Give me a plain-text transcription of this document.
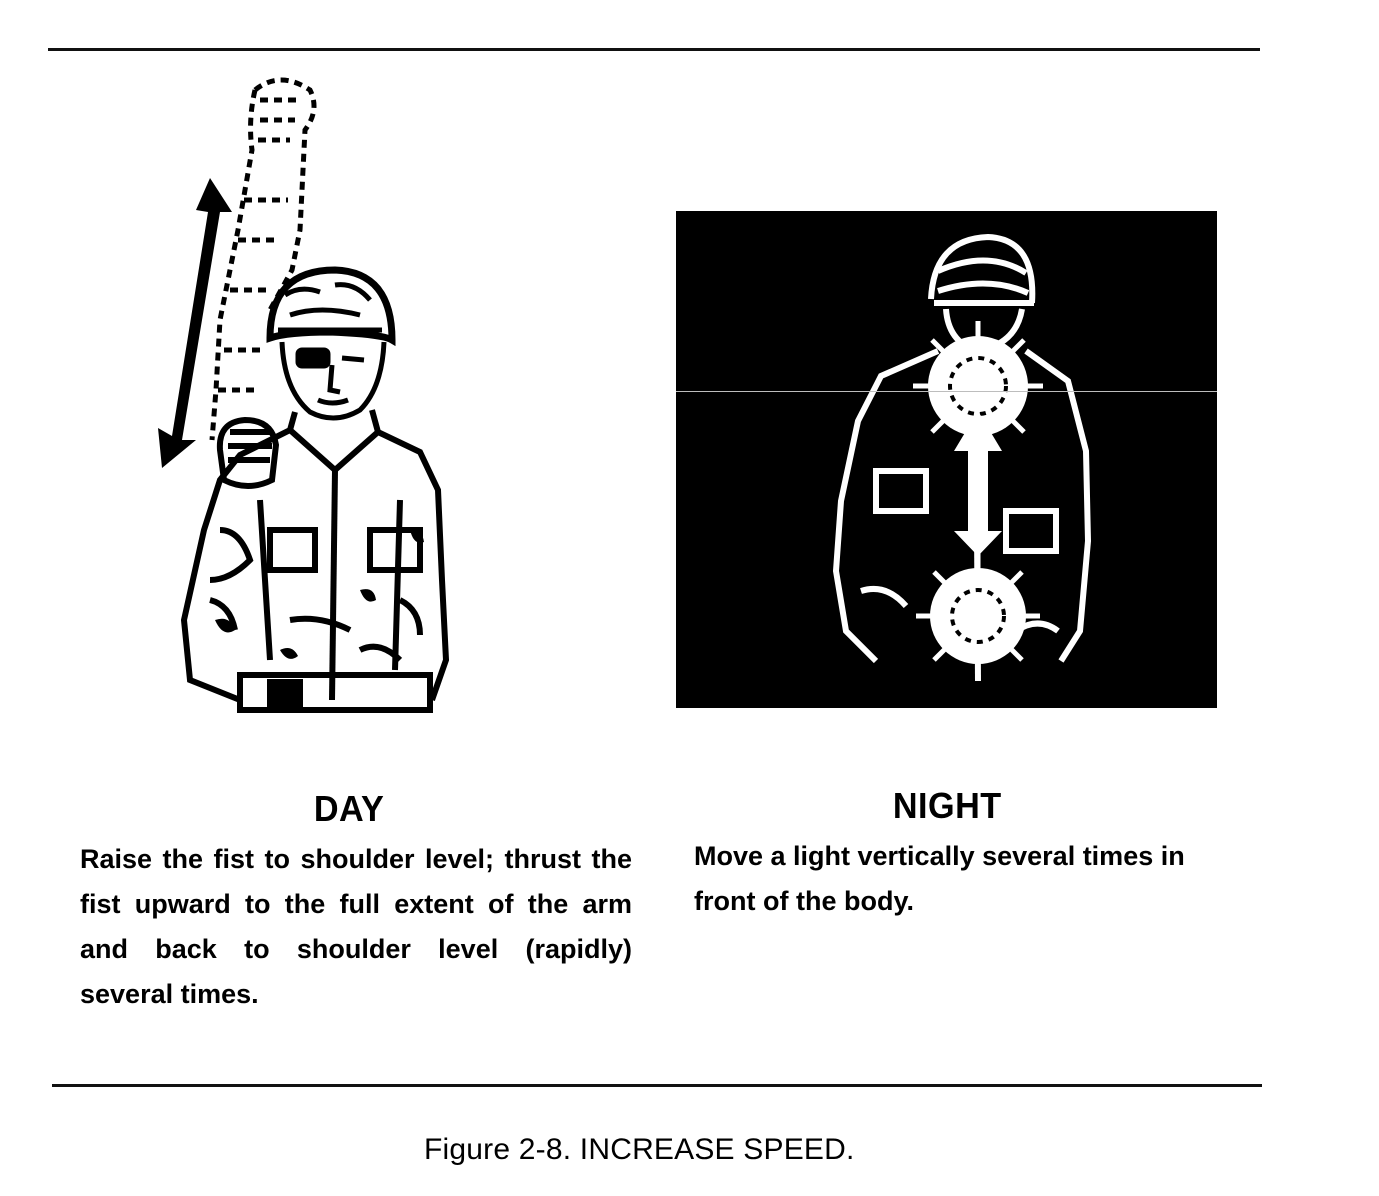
DAY
Raise the fist to shoulder level; thrust the fist upward to the full extent of the arm and back to shoulder level (rapidly) several times.
NIGHT
Move a light vertically several times in front of the body.
Figure 2-8. INCREASE SPEED.
